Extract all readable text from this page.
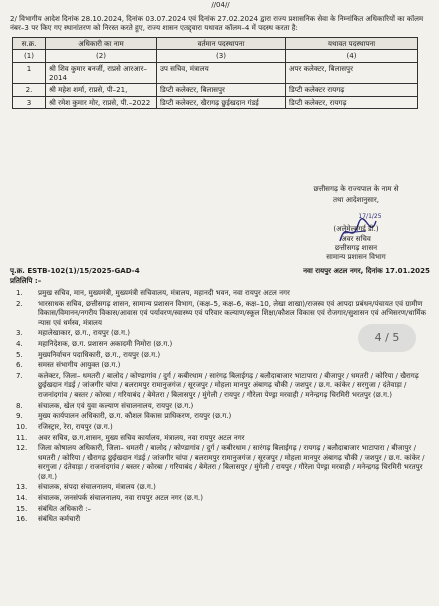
//04//
2/ विभागीय आदेश दिनांक 28.10.2024, दिनांक 03.07.2024 एवं दिनांक 27.02.2024 द्वारा राज्य प्रशासनिक सेवा के निम्नांकित अधिकारियों का कॉलम नंबर–3 पर किए गए स्थानांतरण को निरस्त करते हुए, राज्य शासन एतद्द्वारा यथावत कॉलम–4 में पदस्थ करता है:
स.क्र.	अधिकारी का नाम	वर्तमान पदस्थापना	यथावत पदस्थापना
(1)	(2)	(3)	(4)
1	श्री शिव कुमार बनर्जी, राप्रसे आरआर–2014	उप सचिव, मंत्रालय	अपर कलेक्टर, बिलासपुर
2.	श्री महेश शर्मा, राप्रसे, पी–21,	डिप्टी कलेक्टर, बिलासपुर	डिप्टी कलेक्टर रायगढ़
3	श्री रमेश कुमार मोर, राप्रसे, पी.–2022	डिप्टी कलेक्टर, खैरागढ़ छुईखदान गंडई	डिप्टी कलेक्टर, रायगढ़
छत्तीसगढ़ के राज्यपाल के नाम से
तथा आदेशानुसार,
17/1/25
(अलेमेल्मंगई डी.)
अवर सचिव
छत्तीसगढ़ शासन
सामान्य प्रशासन विभाग
पृ.क्र. ESTB-102(1)/15/2025-GAD-4	नवा रायपुर अटल नगर, दिनांक 17.01.2025
प्रतिलिपि :–
1. प्रमुख सचिव, मान, मुख्यमंत्री, मुख्यमंत्री सचिवालय, मंत्रालय, महानदी भवन, नवा रायपुर अटल नगर
2. भारसाधक सचिव, छत्तीसगढ़ शासन, सामान्य प्रशासन विभाग, (कक्ष–5, कक्ष–6, कक्ष–10, लेखा शाखा)/राजस्व एवं आपदा प्रबंधन/पंचायत एवं ग्रामीण विकास/विमानन/नगरीय विकास/आवास एवं पर्यावरण/स्वास्थ्य एवं परिवार कल्याण/स्कूल शिक्षा/कौशल विकास एवं रोजगार/सुशासन एवं अभिसरण/धार्मिक न्यास एवं धर्मस्व, मंत्रालय
3. महालेखाकार, छ.ग., रायपुर (छ.ग.)
4. महानिदेशक, छ.ग. प्रशासन अकादमी निमोरा (छ.ग.)
5. मुख्यनिर्वाचन पदाधिकारी, छ.ग., रायपुर (छ.ग.)
6. समस्त संभागीय आयुक्त (छ.ग.)
7. कलेक्टर, जिला– धमतरी / बालोद / कोण्डागांव / दुर्ग / कबीरधाम / सारंगढ़ बिलाईगढ़ / बलौदाबाजार भाटापारा / बीजापुर / धमतरी / कोरिया / खैरागढ़ छुईखदान गंडई / जांजगीर चांपा / बलरामपुर रामानुजगंज / सूरजपुर / मोहला मानपुर अंबागढ़ चौकी / जशपुर / छ.ग. कांकेर / सरगुजा / दंतेवाड़ा / राजनांदगांव / बस्तर / कोरबा / गरियाबंद / बेमेतरा / बिलासपुर / मुंगेली / रायपुर / गौरेला पेण्ड्रा मरवाही / मनेन्द्रगढ़ चिरमिरी भरतपुर (छ.ग.)
8. संचालक, खेल एवं युवा कल्याण संचालनालय, रायपुर (छ.ग.)
9. मुख्य कार्यपालन अधिकारी, छ.ग. कौशल विकास प्राधिकरण, रायपुर (छ.ग.)
10. रजिस्ट्रार, रेरा, रायपुर (छ.ग.)
11. अवर सचिव, छ.ग.शासन, मुख्य सचिव कार्यालय, मंत्रालय, नवा रायपुर अटल नगर
12. जिला कोषालय अधिकारी, जिला– धमतरी / बालोद / कोण्डागांव / दुर्ग / कबीरधाम / सारंगढ़ बिलाईगढ़ / रायगढ़ / बलौदाबाजार भाटापारा / बीजापुर / धमतरी / कोरिया / खैरागढ़ छुईखदान गंडई / जांजगीर चांपा / बलरामपुर रामानुजगंज / सूरजपुर / मोहला मानपुर अंबागढ़ चौकी / जशपुर / छ.ग. कांकेर / सरगुजा / दंतेवाड़ा / राजनांदगांव / बस्तर / कोरबा / गरियाबंद / बेमेतरा / बिलासपुर / मुंगेली / रायपुर / गौरेला पेण्ड्रा मरवाही / मनेन्द्रगढ़ चिरमिरी भरतपुर (छ.ग.)
13. संचालक, संपदा संचालनालय, मंत्रालय (छ.ग.)
14. संचालक, जनसंपर्क संचालनालय, नवा रायपुर अटल नगर (छ.ग.)
15. संबंधित अधिकारी :–
16. संबंधित कर्मचारी
4 / 5
